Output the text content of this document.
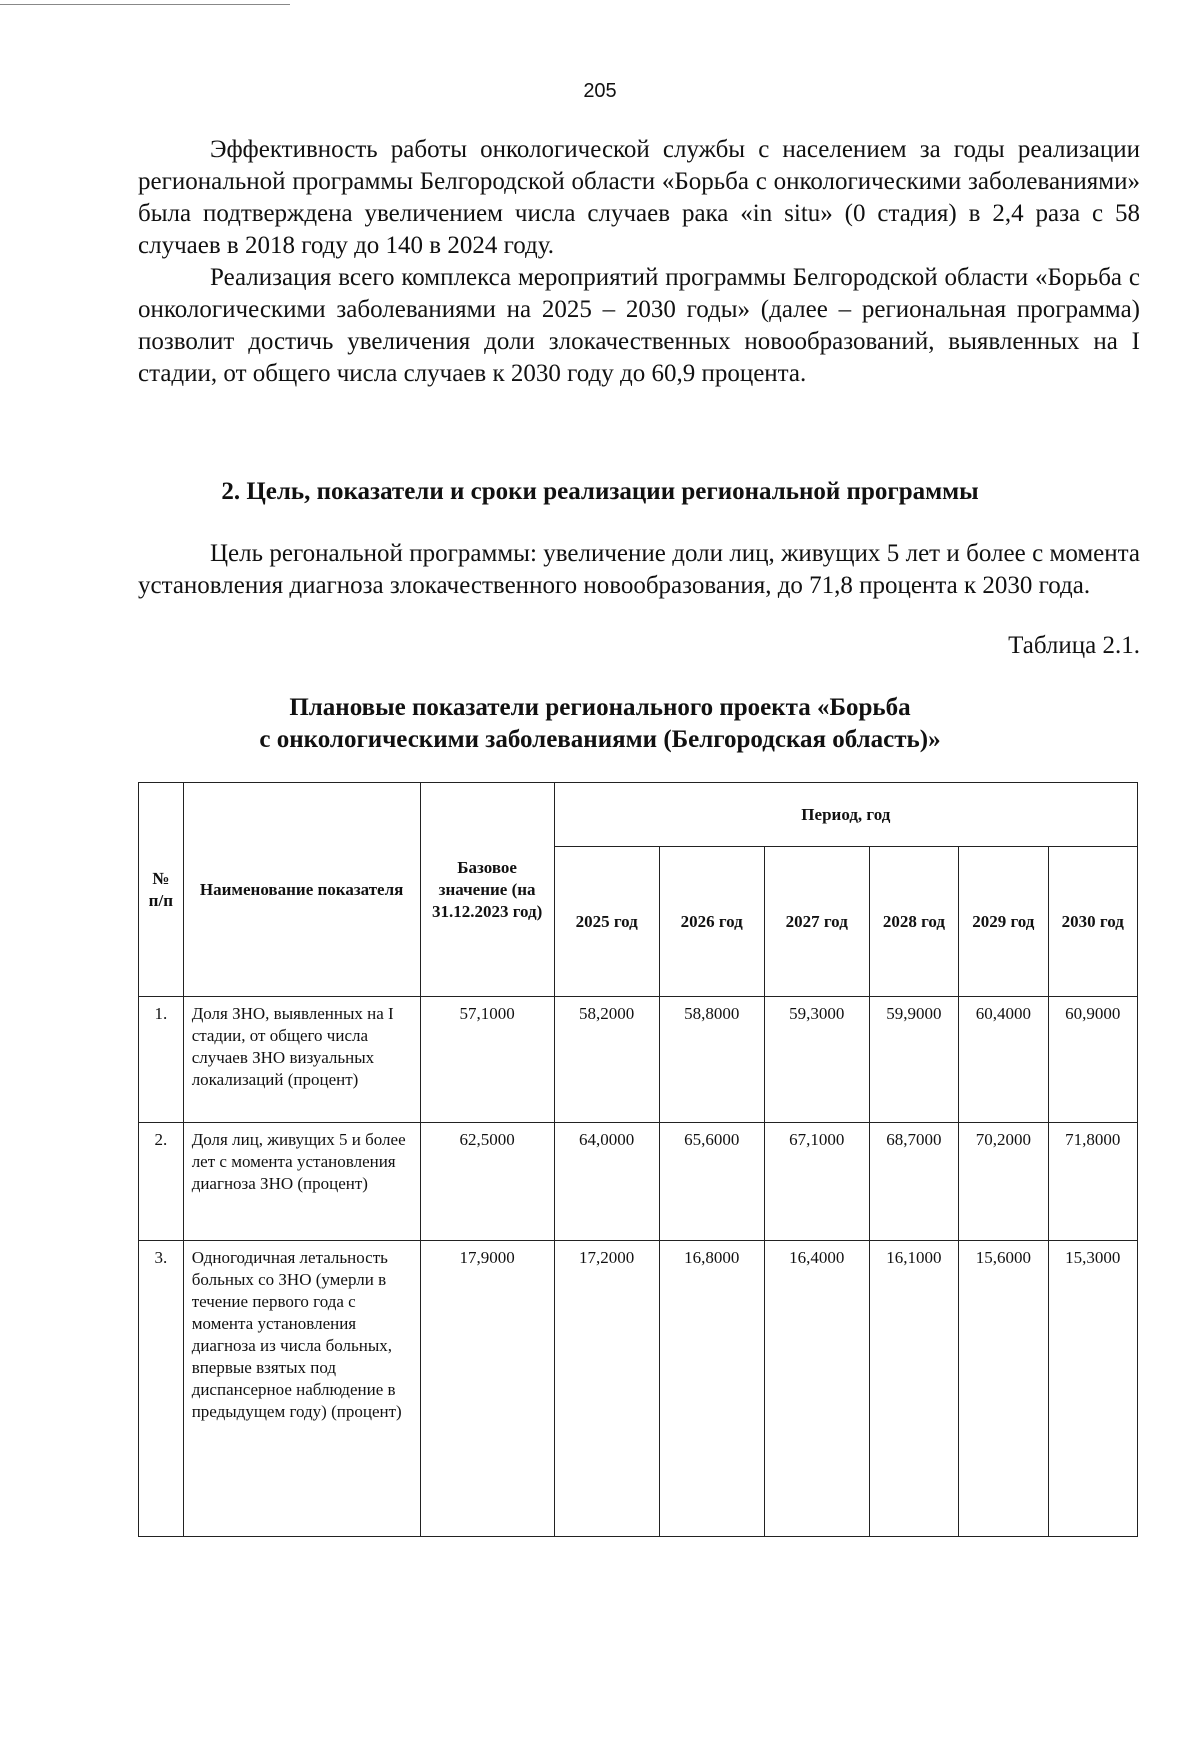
205

Эффективность работы онкологической службы с населением за годы реализации региональной программы Белгородской области «Борьба с онкологическими заболеваниями» была подтверждена увеличением числа случаев рака «in situ» (0 стадия) в 2,4 раза с 58 случаев в 2018 году до 140 в 2024 году.

Реализация всего комплекса мероприятий программы Белгородской области «Борьба с онкологическими заболеваниями на 2025 – 2030 годы» (далее – региональная программа) позволит достичь увеличения доли злокачественных новообразований, выявленных на I стадии, от общего числа случаев к 2030 году до 60,9 процента.

2. Цель, показатели и сроки реализации региональной программы

Цель регональной программы: увеличение доли лиц, живущих 5 лет и более с момента установления диагноза злокачественного новообразования, до 71,8 процента к 2030 года.

Таблица 2.1.
Плановые показатели регионального проекта «Борьба
с онкологическими заболеваниями (Белгородская область)»
№ п/п	Наименование показателя	Базовое значение (на 31.12.2023 год)	Период, год					
			2025 год	2026 год	2027 год	2028 год	2029 год	2030 год
1.	Доля ЗНО, выявленных на I стадии, от общего числа случаев ЗНО визуальных локализаций (процент)	57,1000	58,2000	58,8000	59,3000	59,9000	60,4000	60,9000
2.	Доля лиц, живущих 5 и более лет с момента установления диагноза ЗНО (процент)	62,5000	64,0000	65,6000	67,1000	68,7000	70,2000	71,8000
3.	Одногодичная летальность больных со ЗНО (умерли в течение первого года с момента установления диагноза из числа больных, впервые взятых под диспансерное наблюдение в предыдущем году) (процент)	17,9000	17,2000	16,8000	16,4000	16,1000	15,6000	15,3000
